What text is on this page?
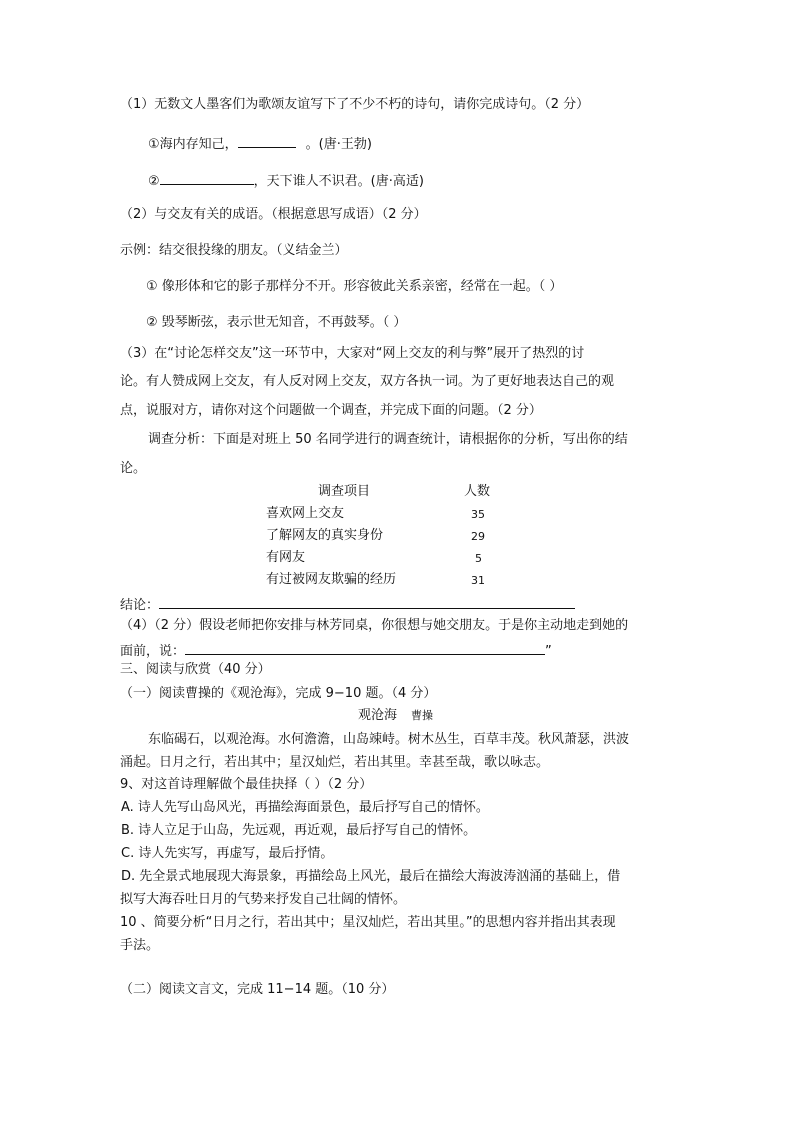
（1）无数文人墨客们为歌颂友谊写下了不少不朽的诗句，请你完成诗句。（2 分）
①海内存知己，	。(唐·王勃)
②	，天下谁人不识君。(唐·高适)
（2）与交友有关的成语。（根据意思写成语）（2 分）
示例：结交很投缘的朋友。（义结金兰）
① 像形体和它的影子那样分不开。形容彼此关系亲密，经常在一起。（ ）
② 毁琴断弦，表示世无知音，不再鼓琴。（ ）
（3）在“讨论怎样交友”这一环节中，大家对“网上交友的利与弊”展开了热烈的讨
论。有人赞成网上交友，有人反对网上交友，双方各执一词。为了更好地表达自己的观
点，说服对方，请你对这个问题做一个调查，并完成下面的问题。（2 分）
调查分析：下面是对班上 50 名同学进行的调查统计，请根据你的分析，写出你的结
论。
调查项目	人数
喜欢网上交友	35
了解网友的真实身份	29
有网友	5
有过被网友欺骗的经历	31
结论：
（4）（2 分）假设老师把你安排与林芳同桌，你很想与她交朋友。于是你主动地走到她的
面前，说：	”
三、阅读与欣赏（40 分）
（一）阅读曹操的《观沧海》，完成 9−10 题。（4 分）
观沧海 曹操
东临碣石，以观沧海。水何澹澹，山岛竦峙。树木丛生，百草丰茂。秋风萧瑟，洪波
涌起。日月之行，若出其中；星汉灿烂，若出其里。幸甚至哉，歌以咏志。
9、对这首诗理解做个最佳抉择（ ）（2 分）
A. 诗人先写山岛风光，再描绘海面景色，最后抒写自己的情怀。
B. 诗人立足于山岛，先远观，再近观，最后抒写自己的情怀。
C. 诗人先实写，再虚写，最后抒情。
D. 先全景式地展现大海景象，再描绘岛上风光，最后在描绘大海波涛汹涌的基础上，借
拟写大海吞吐日月的气势来抒发自己壮阔的情怀。
10 、简要分析“日月之行，若出其中；星汉灿烂，若出其里。”的思想内容并指出其表现
手法。
（二）阅读文言文，完成 11−14 题。（10 分）
